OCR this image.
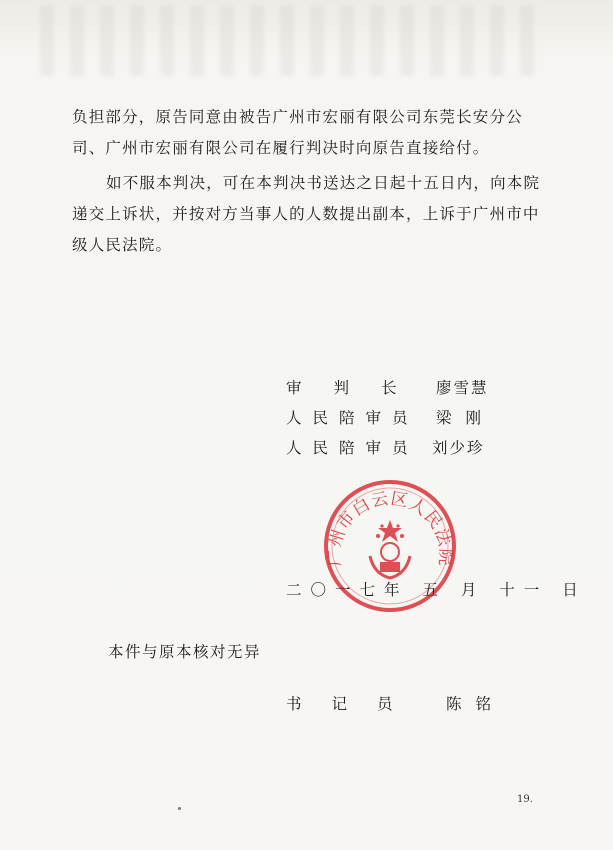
负担部分，原告同意由被告广州市宏丽有限公司东莞长安分公
司、广州市宏丽有限公司在履行判决时向原告直接给付。

如不服本判决，可在本判决书送达之日起十五日内，向本院
递交上诉状，并按对方当事人的人数提出副本，上诉于广州市中
级人民法院。

审判长 廖雪慧
人民陪审员 梁刚
人民陪审员 刘少珍
广州市白云区人民法院
二〇一七年 五 月 十一 日
本件与原本核对无异
书记员 陈铭
19.
